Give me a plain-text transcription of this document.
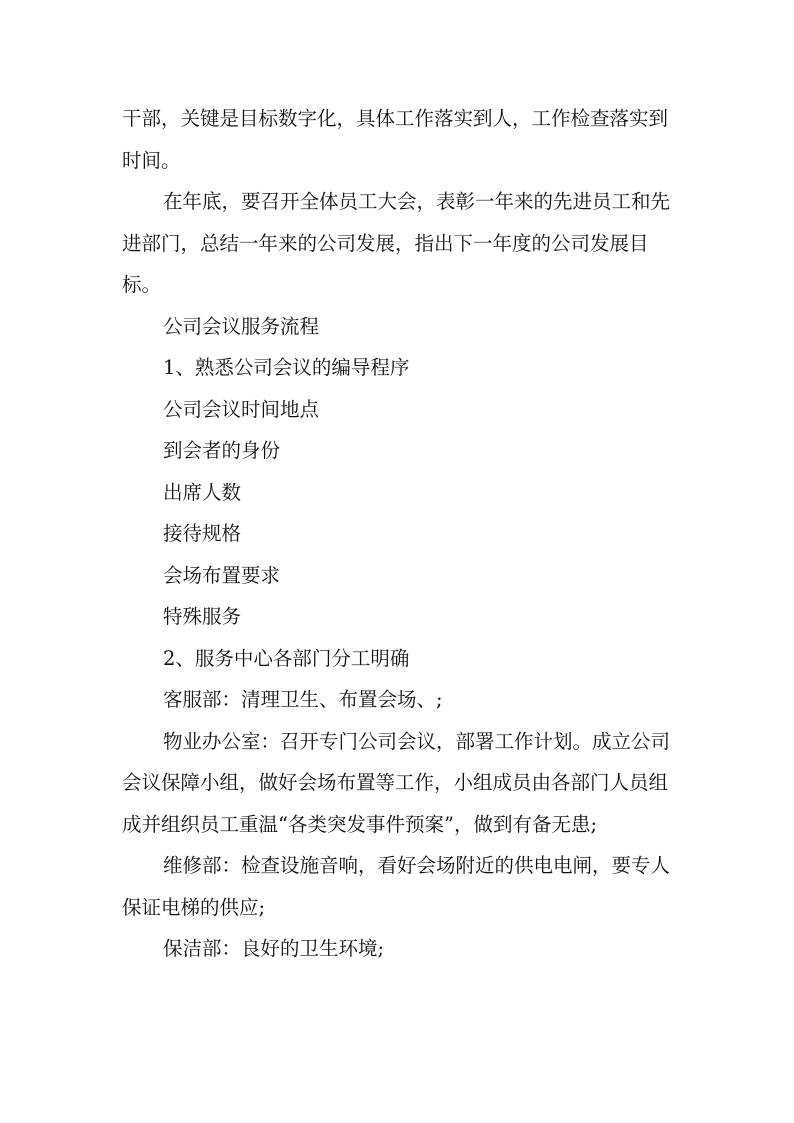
干部，关键是目标数字化，具体工作落实到人，工作检查落实到时间。

在年底，要召开全体员工大会，表彰一年来的先进员工和先进部门，总结一年来的公司发展，指出下一年度的公司发展目标。

公司会议服务流程

1、熟悉公司会议的编导程序

公司会议时间地点

到会者的身份

出席人数

接待规格

会场布置要求

特殊服务

2、服务中心各部门分工明确

客服部：清理卫生、布置会场、;

物业办公室：召开专门公司会议，部署工作计划。成立公司会议保障小组，做好会场布置等工作，小组成员由各部门人员组成并组织员工重温“各类突发事件预案”，做到有备无患;

维修部：检查设施音响，看好会场附近的供电电闸，要专人保证电梯的供应;

保洁部：良好的卫生环境;
